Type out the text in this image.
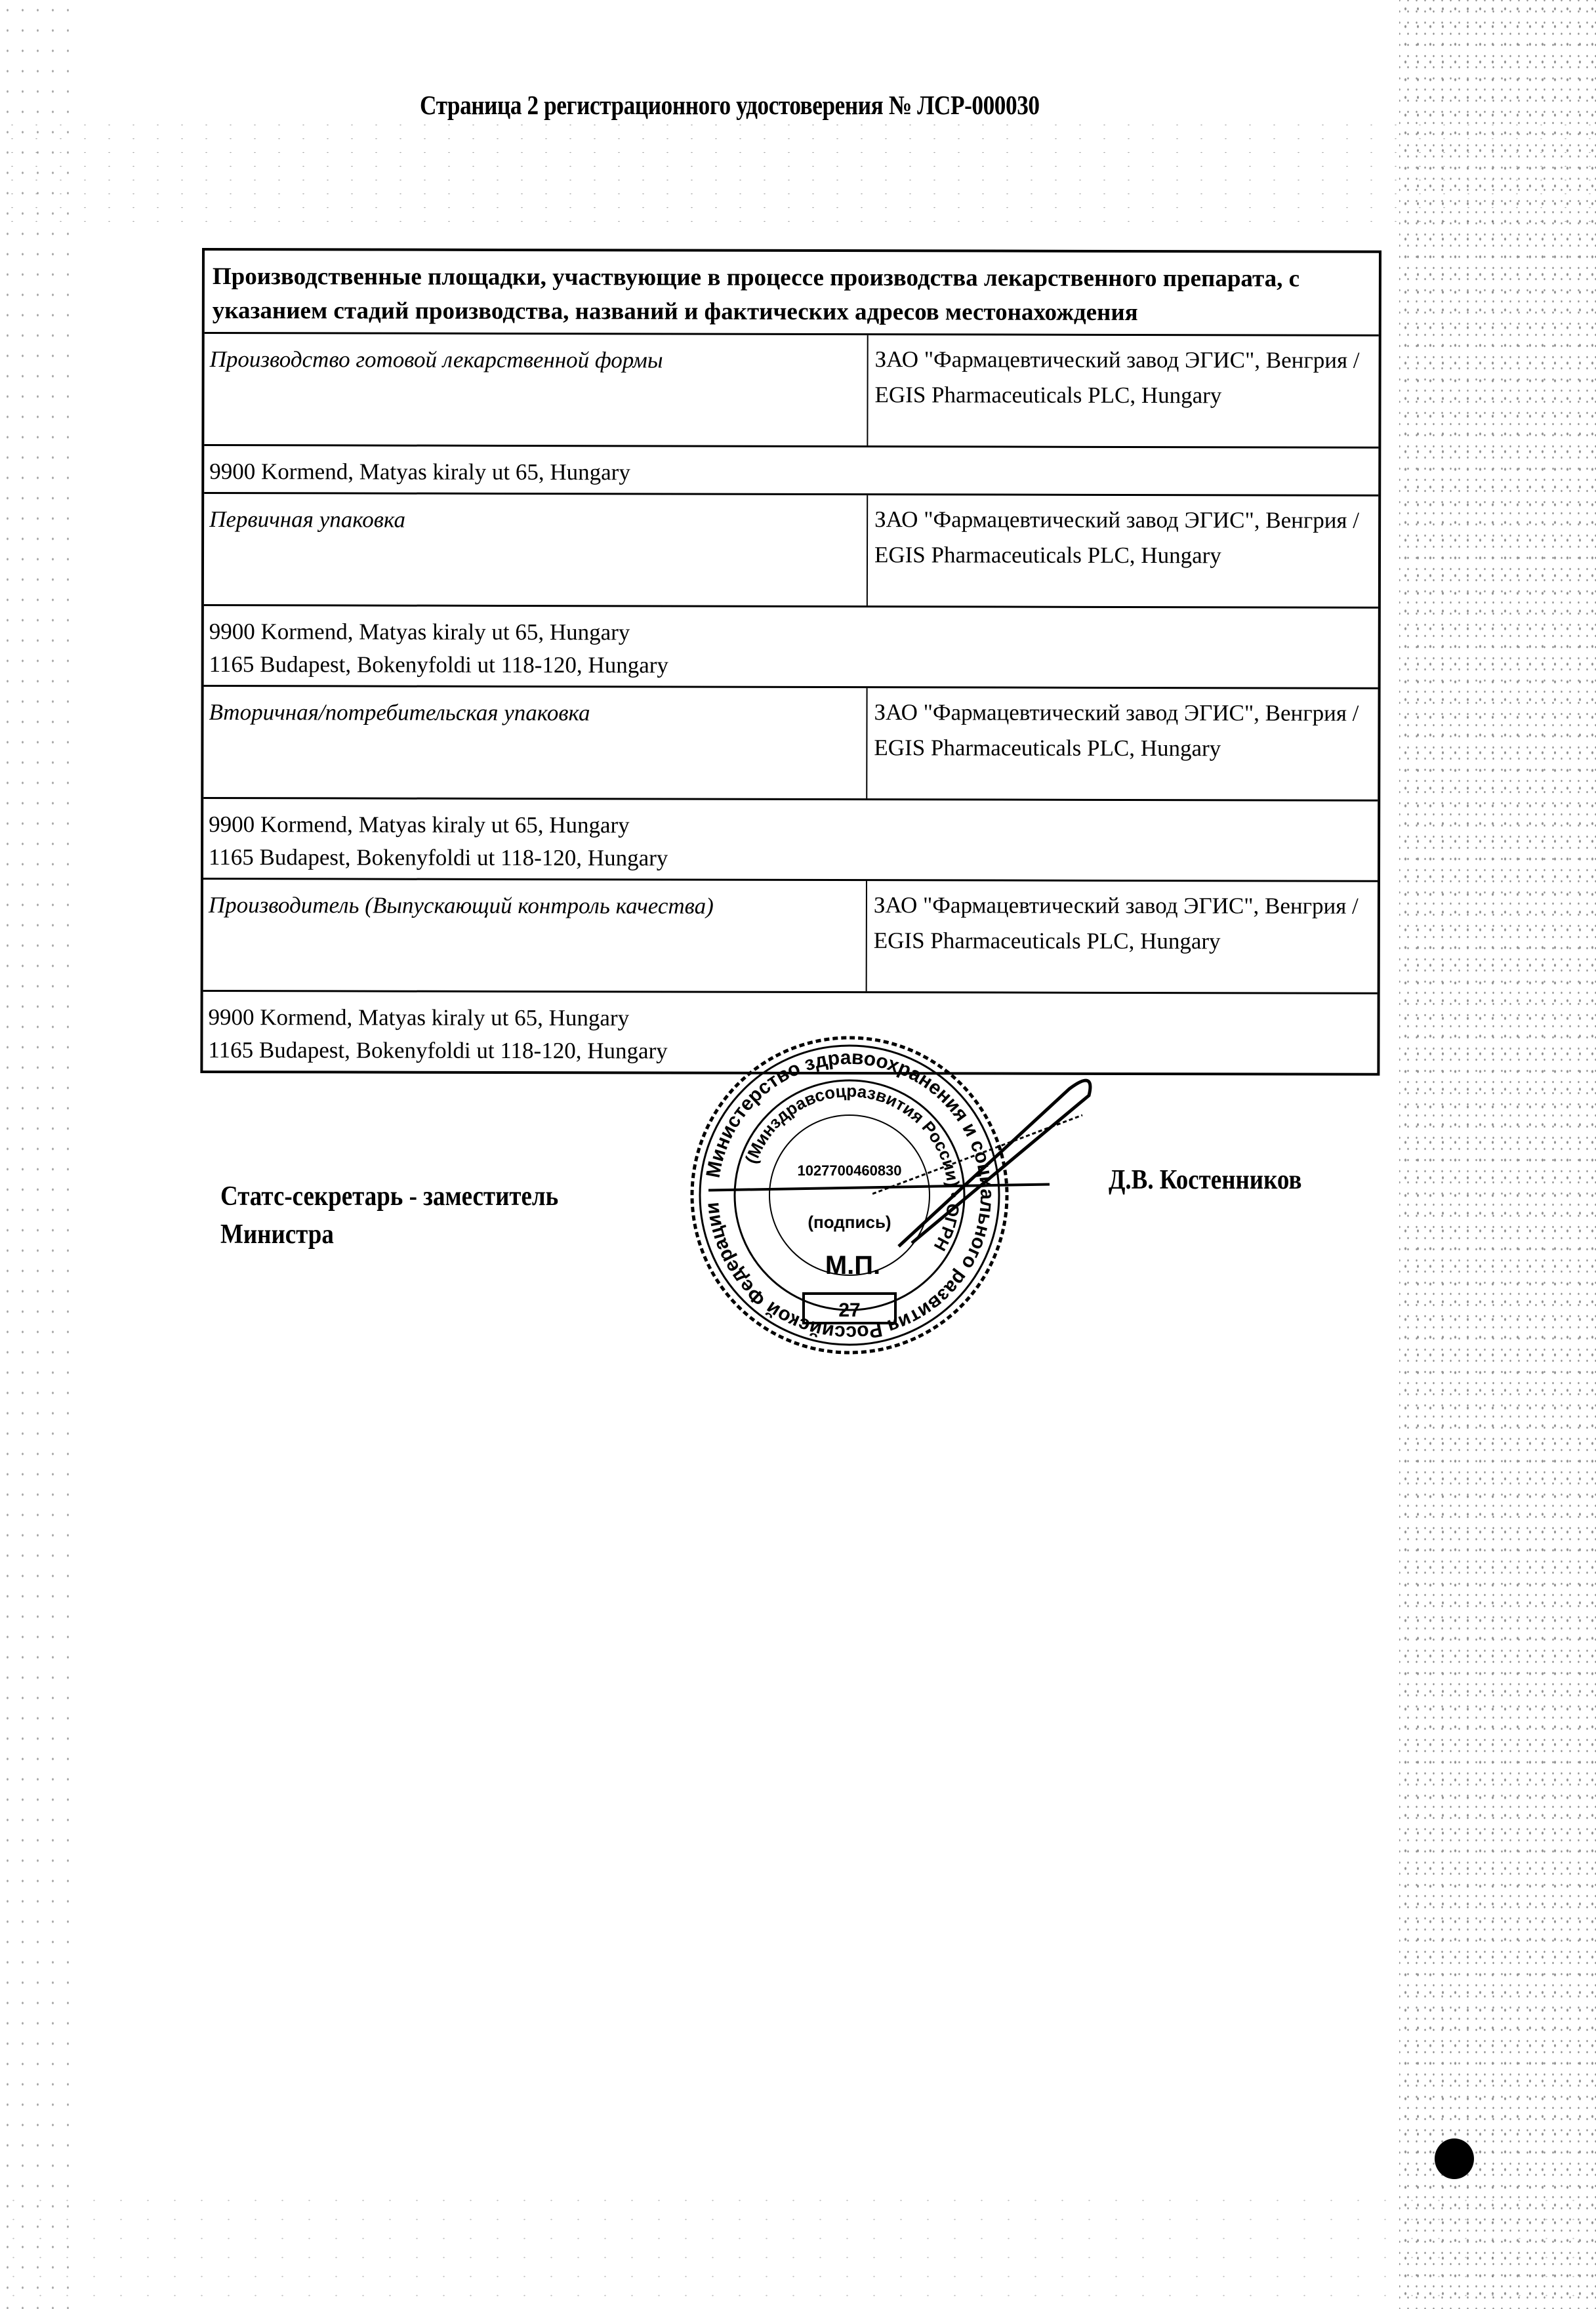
Страница 2 регистрационного удостоверения № ЛСР-000030
Производственные площадки, участвующие в процессе производства лекарственного препарата, с указанием стадий производства, названий и фактических адресов местонахождения
Производство готовой лекарственной формы	ЗАО "Фармацевтический завод ЭГИС", Венгрия / EGIS Pharmaceuticals PLC, Hungary
9900 Kormend, Matyas kiraly ut 65, Hungary
Первичная упаковка	ЗАО "Фармацевтический завод ЭГИС", Венгрия / EGIS Pharmaceuticals PLC, Hungary
9900 Kormend, Matyas kiraly ut 65, Hungary
1165 Budapest, Bokenyfoldi ut 118-120, Hungary
Вторичная/потребительская упаковка	ЗАО "Фармацевтический завод ЭГИС", Венгрия / EGIS Pharmaceuticals PLC, Hungary
9900 Kormend, Matyas kiraly ut 65, Hungary
1165 Budapest, Bokenyfoldi ut 118-120, Hungary
Производитель (Выпускающий контроль качества)	ЗАО "Фармацевтический завод ЭГИС", Венгрия / EGIS Pharmaceuticals PLC, Hungary
9900 Kormend, Matyas kiraly ut 65, Hungary
1165 Budapest, Bokenyfoldi ut 118-120, Hungary
Статс-секретарь - заместитель
Министра
Министерство здравоохранения и социального развития Российской Федерации
(Минздравсоцразвития России) • ОГРН
1027700460830
(подпись)
М.П.
27
Д.В. Костенников
